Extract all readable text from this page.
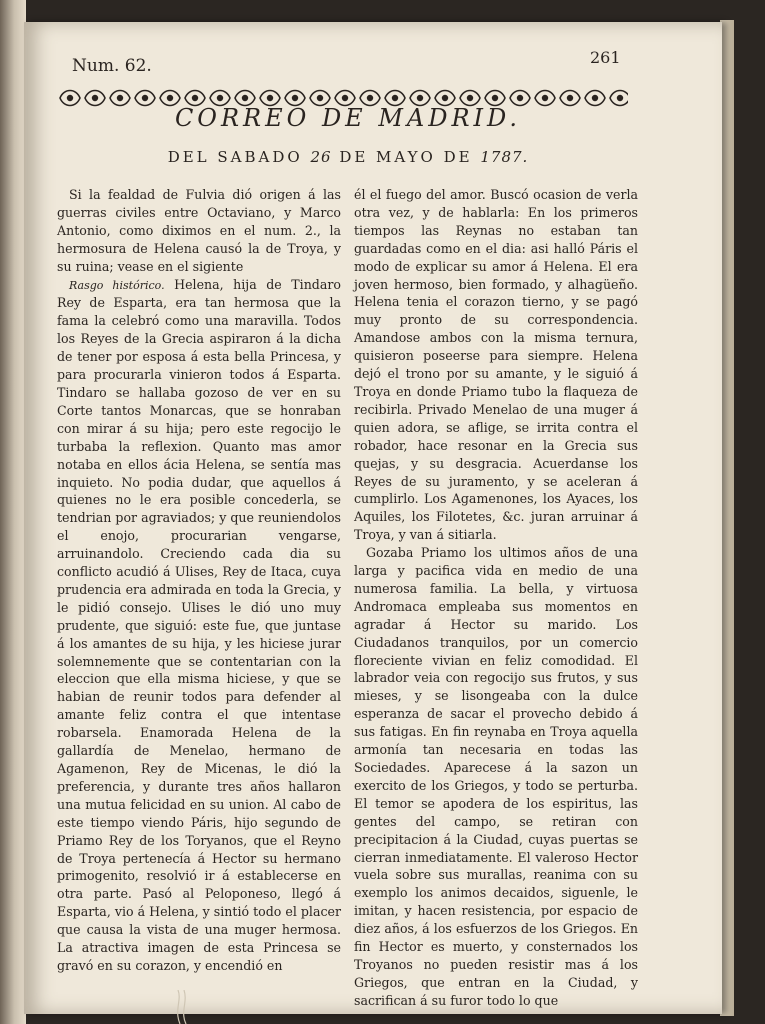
Num. 62.	261
CORREO DE MADRID.
DEL SABADO 26 DE MAYO DE 1787.

Si la fealdad de Fulvia dió origen á las guerras civiles entre Octaviano, y Marco Antonio, como diximos en el num. 2., la hermosura de Helena causó la de Troya, y su ruina; vease en el sigiente

Rasgo histórico. Helena, hija de Tindaro Rey de Esparta, era tan hermosa que la fama la celebró como una maravilla. Todos los Reyes de la Grecia aspiraron á la dicha de tener por esposa á esta bella Princesa, y para procurarla vinieron todos á Esparta. Tindaro se hallaba gozoso de ver en su Corte tantos Monarcas, que se honraban con mirar á su hija; pero este regocijo le turbaba la reflexion. Quanto mas amor notaba en ellos ácia Helena, se sentía mas inquieto. No podia dudar, que aquellos á quienes no le era posible concederla, se tendrian por agraviados; y que reuniendolos el enojo, procurarian vengarse, arruinandolo. Creciendo cada dia su conflicto acudió á Ulises, Rey de Itaca, cuya prudencia era admirada en toda la Grecia, y le pidió consejo. Ulises le dió uno muy prudente, que siguió: este fue, que juntase á los amantes de su hija, y les hiciese jurar solemnemente que se contentarian con la eleccion que ella misma hiciese, y que se habian de reunir todos para defender al amante feliz contra el que intentase robarsela. Enamorada Helena de la gallardía de Menelao, hermano de Agamenon, Rey de Micenas, le dió la preferencia, y durante tres años hallaron una mutua felicidad en su union. Al cabo de este tiempo viendo Páris, hijo segundo de Priamo Rey de los Toryanos, que el Reyno de Troya pertenecía á Hector su hermano primogenito, resolvió ir á establecerse en otra parte. Pasó al Peloponeso, llegó á Esparta, vio á Helena, y sintió todo el placer que causa la vista de una muger hermosa. La atractiva imagen de esta Princesa se gravó en su corazon, y encendió en

él el fuego del amor. Buscó ocasion de verla otra vez, y de hablarla: En los primeros tiempos las Reynas no estaban tan guardadas como en el dia: asi halló Páris el modo de explicar su amor á Helena. El era joven hermoso, bien formado, y alhagüeño. Helena tenia el corazon tierno, y se pagó muy pronto de su correspondencia. Amandose ambos con la misma ternura, quisieron poseerse para siempre. Helena dejó el trono por su amante, y le siguió á Troya en donde Priamo tubo la flaqueza de recibirla. Privado Menelao de una muger á quien adora, se aflige, se irrita contra el robador, hace resonar en la Grecia sus quejas, y su desgracia. Acuerdanse los Reyes de su juramento, y se aceleran á cumplirlo. Los Agamenones, los Ayaces, los Aquiles, los Filotetes, &c. juran arruinar á Troya, y van á sitiarla.

Gozaba Priamo los ultimos años de una larga y pacifica vida en medio de una numerosa familia. La bella, y virtuosa Andromaca empleaba sus momentos en agradar á Hector su marido. Los Ciudadanos tranquilos, por un comercio floreciente vivian en feliz comodidad. El labrador veia con regocijo sus frutos, y sus mieses, y se lisongeaba con la dulce esperanza de sacar el provecho debido á sus fatigas. En fin reynaba en Troya aquella armonía tan necesaria en todas las Sociedades. Aparecese á la sazon un exercito de los Griegos, y todo se perturba. El temor se apodera de los espiritus, las gentes del campo, se retiran con precipitacion á la Ciudad, cuyas puertas se cierran inmediatamente. El valeroso Hector vuela sobre sus murallas, reanima con su exemplo los animos decaidos, siguenle, le imitan, y hacen resistencia, por espacio de diez años, á los esfuerzos de los Griegos. En fin Hector es muerto, y consternados los Troyanos no pueden resistir mas á los Griegos, que entran en la Ciudad, y sacrifican á su furor todo lo que
